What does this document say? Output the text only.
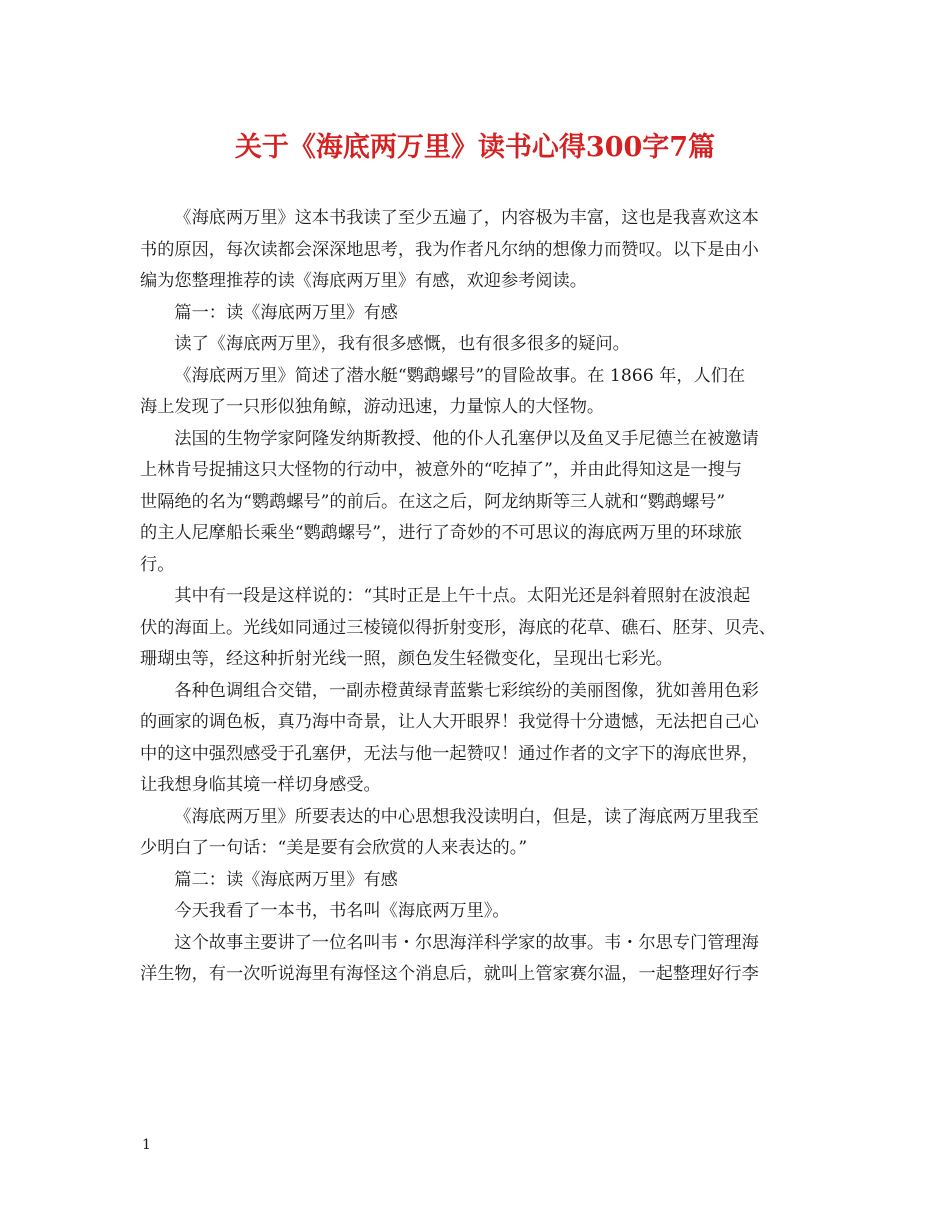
关于《海底两万里》读书心得300字7篇

《海底两万里》这本书我读了至少五遍了，内容极为丰富，这也是我喜欢这本
书的原因，每次读都会深深地思考，我为作者凡尔纳的想像力而赞叹。以下是由小
编为您整理推荐的读《海底两万里》有感，欢迎参考阅读。

篇一：读《海底两万里》有感

读了《海底两万里》，我有很多感慨，也有很多很多的疑问。

《海底两万里》简述了潜水艇“鹦鹉螺号”的冒险故事。在 1866 年，人们在
海上发现了一只形似独角鲸，游动迅速，力量惊人的大怪物。

法国的生物学家阿隆发纳斯教授、他的仆人孔塞伊以及鱼叉手尼德兰在被邀请
上林肯号捉捕这只大怪物的行动中，被意外的“吃掉了”，并由此得知这是一搜与
世隔绝的名为“鹦鹉螺号”的前后。在这之后，阿龙纳斯等三人就和“鹦鹉螺号”
的主人尼摩船长乘坐“鹦鹉螺号”，进行了奇妙的不可思议的海底两万里的环球旅
行。

其中有一段是这样说的：“其时正是上午十点。太阳光还是斜着照射在波浪起
伏的海面上。光线如同通过三棱镜似得折射变形，海底的花草、礁石、胚芽、贝壳、
珊瑚虫等，经这种折射光线一照，颜色发生轻微变化，呈现出七彩光。

各种色调组合交错，一副赤橙黄绿青蓝紫七彩缤纷的美丽图像，犹如善用色彩
的画家的调色板，真乃海中奇景，让人大开眼界！我觉得十分遗憾，无法把自己心
中的这中强烈感受于孔塞伊，无法与他一起赞叹！通过作者的文字下的海底世界，
让我想身临其境一样切身感受。

《海底两万里》所要表达的中心思想我没读明白，但是，读了海底两万里我至
少明白了一句话：“美是要有会欣赏的人来表达的。”

篇二：读《海底两万里》有感

今天我看了一本书，书名叫《海底两万里》。

这个故事主要讲了一位名叫韦・尔思海洋科学家的故事。韦・尔思专门管理海
洋生物，有一次听说海里有海怪这个消息后，就叫上管家赛尔温，一起整理好行李

1
